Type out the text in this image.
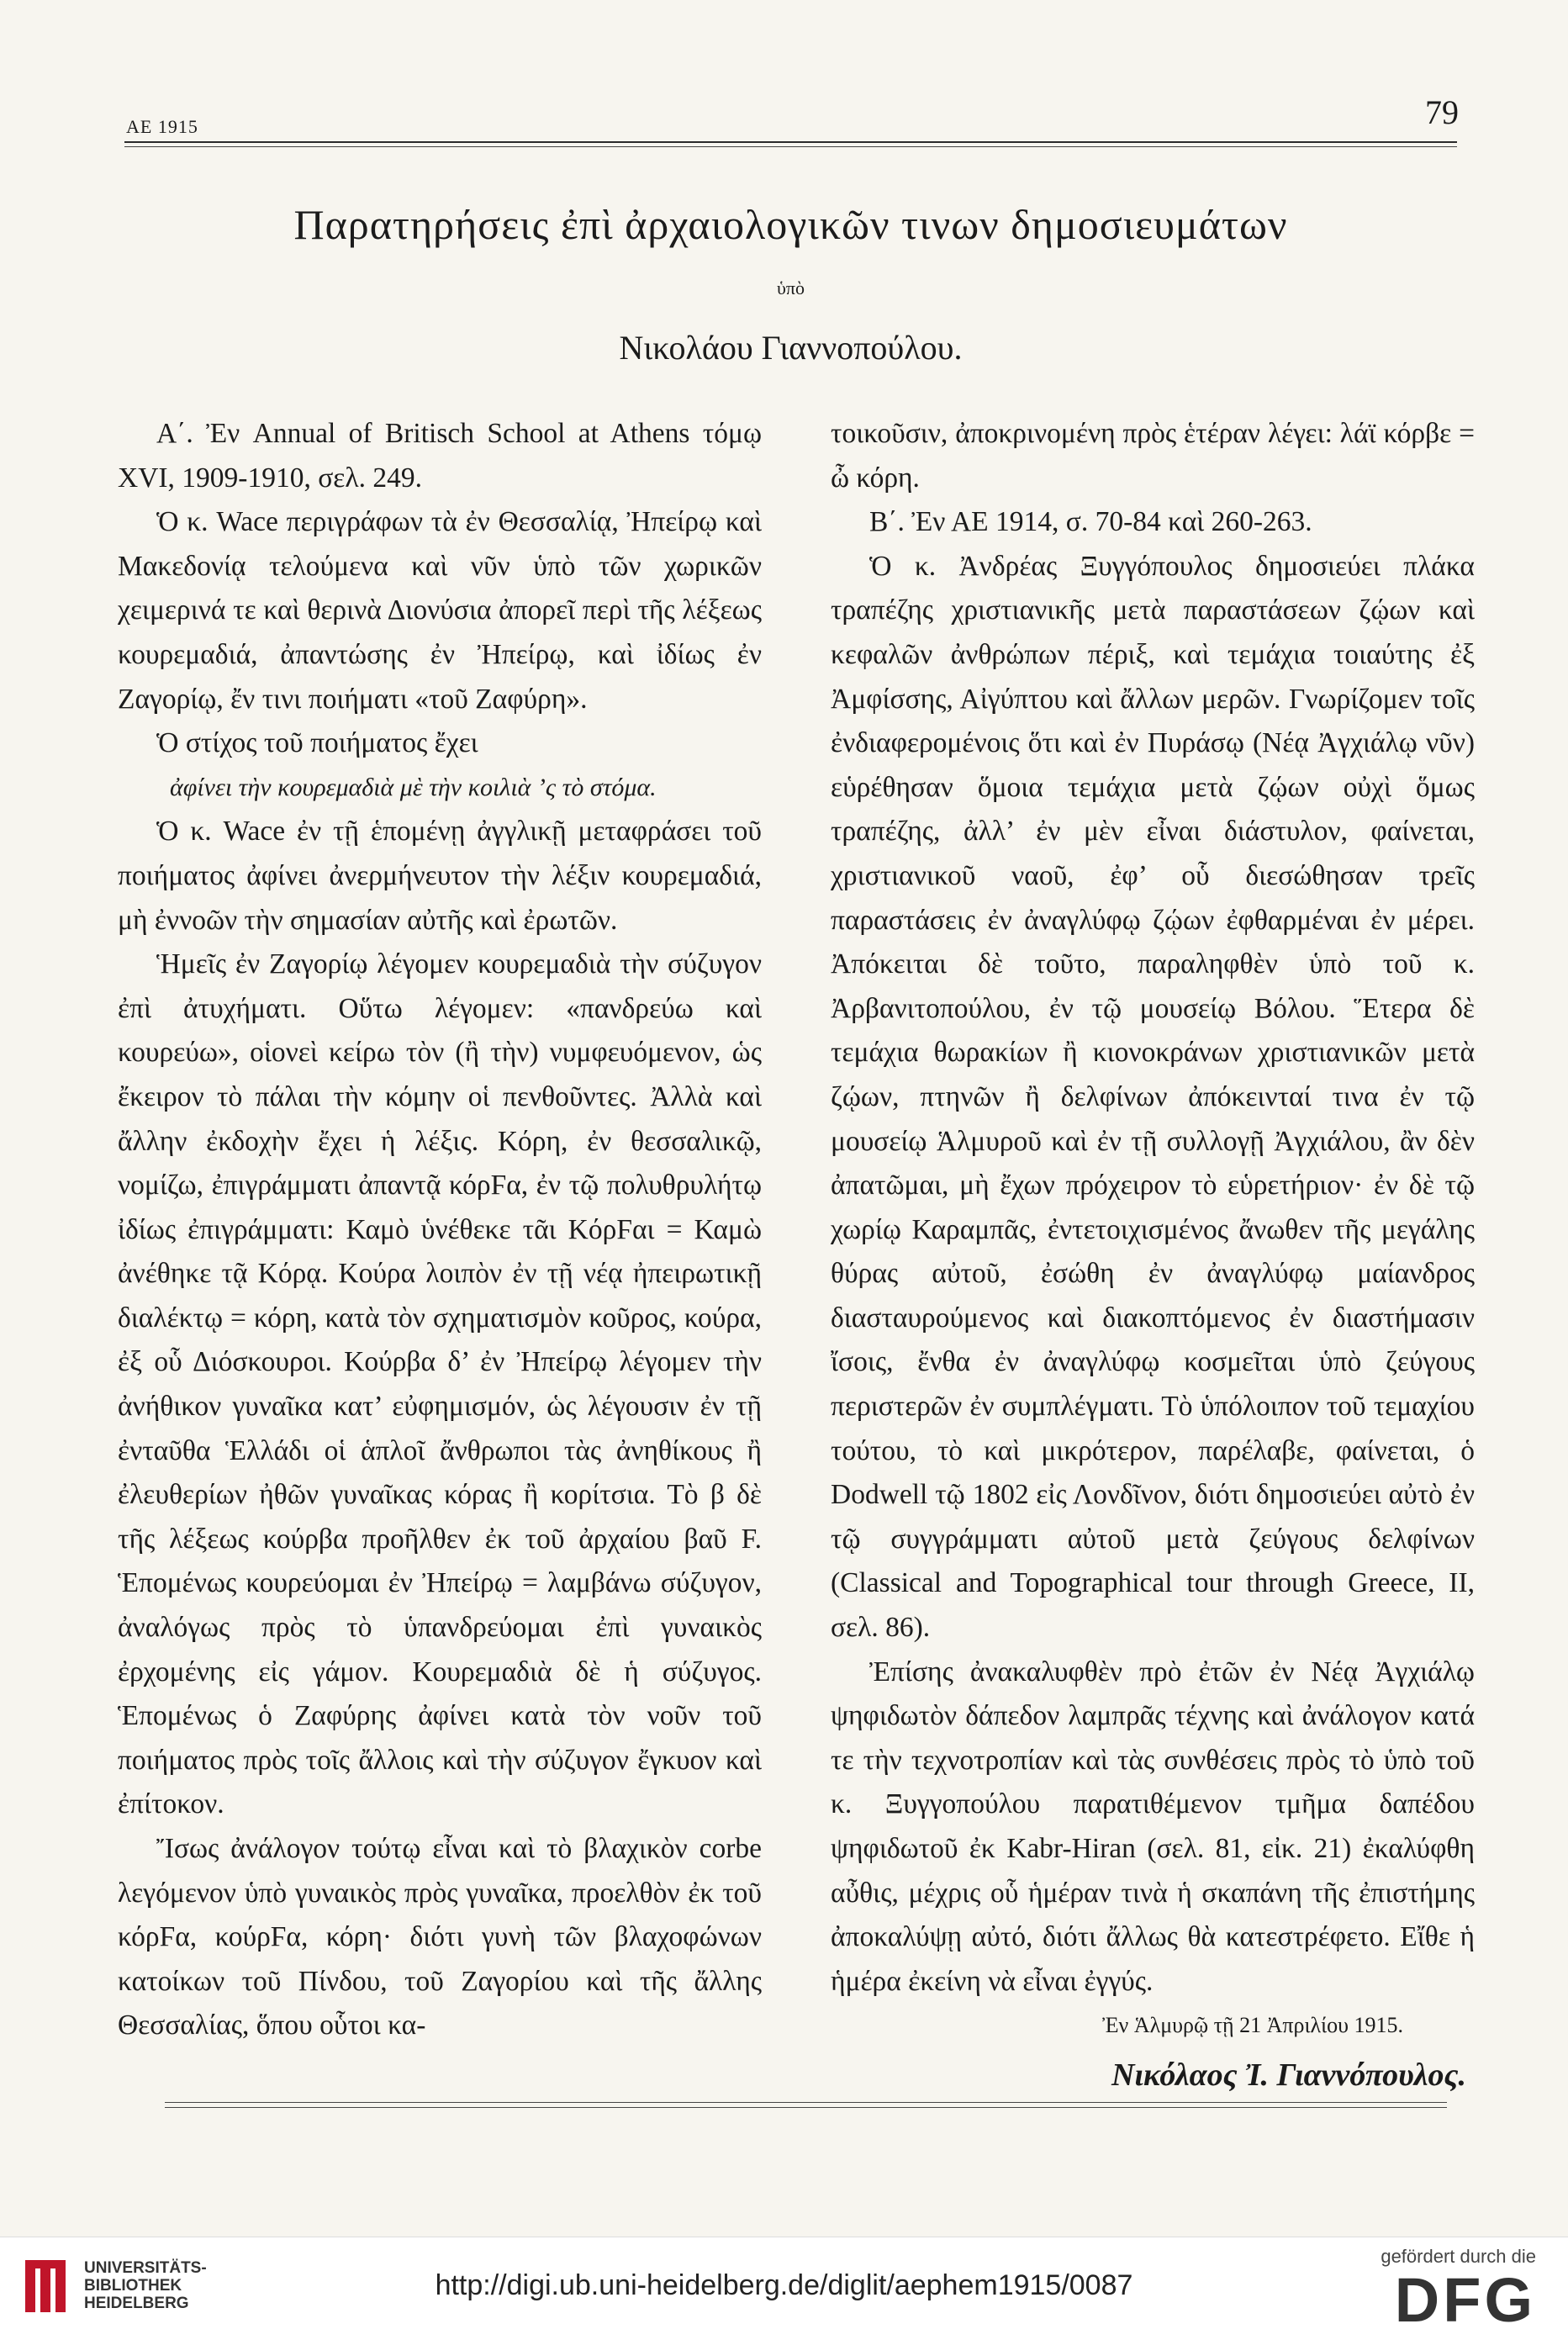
ΑΕ 1915	79
Παρατηρήσεις ἐπὶ ἀρχαιολογικῶν τινων δημοσιευμάτων
ὑπὸ
Νικολάου Γιαννοπούλου.

Α΄. Ἐν Annual of Britisch School at Athens τόμῳ XVI, 1909-1910, σελ. 249.

Ὁ κ. Wace περιγράφων τὰ ἐν Θεσσαλίᾳ, Ἠπείρῳ καὶ Μακεδονίᾳ τελούμενα καὶ νῦν ὑπὸ τῶν χωρικῶν χειμερινά τε καὶ θερινὰ Διονύσια ἀπορεῖ περὶ τῆς λέξεως κουρεμαδιά, ἀπαντώσης ἐν Ἠπείρῳ, καὶ ἰδίως ἐν Ζαγορίῳ, ἔν τινι ποιήματι «τοῦ Ζαφύρη».

Ὁ στίχος τοῦ ποιήματος ἔχει

ἀφίνει τὴν κουρεμαδιὰ μὲ τὴν κοιλιὰ ’ς τὸ στόμα.

Ὁ κ. Wace ἐν τῇ ἑπομένῃ ἀγγλικῇ μεταφράσει τοῦ ποιήματος ἀφίνει ἀνερμήνευτον τὴν λέξιν κουρεμαδιά, μὴ ἐννοῶν τὴν σημασίαν αὐτῆς καὶ ἐρωτῶν.

Ἡμεῖς ἐν Ζαγορίῳ λέγομεν κουρεμαδιὰ τὴν σύζυγον ἐπὶ ἀτυχήματι. Οὕτω λέγομεν: «πανδρεύω καὶ κουρεύω», οἱονεὶ κείρω τὸν (ἢ τὴν) νυμφευόμενον, ὡς ἔκειρον τὸ πάλαι τὴν κόμην οἱ πενθοῦντες. Ἀλλὰ καὶ ἄλλην ἐκδοχὴν ἔχει ἡ λέξις. Κόρη, ἐν θεσσαλικῷ, νομίζω, ἐπιγράμματι ἀπαντᾷ κόρϜα, ἐν τῷ πολυθρυλήτῳ ἰδίως ἐπιγράμματι: Καμὸ ὑνέθεκε τᾶι ΚόρϜαι = Καμὼ ἀνέθηκε τᾷ Κόρᾳ. Κούρα λοιπὸν ἐν τῇ νέᾳ ἠπειρωτικῇ διαλέκτῳ = κόρη, κατὰ τὸν σχηματισμὸν κοῦρος, κούρα, ἐξ οὗ Διόσκουροι. Κούρβα δ’ ἐν Ἠπείρῳ λέγομεν τὴν ἀνήθικον γυναῖκα κατ’ εὐφημισμόν, ὡς λέγουσιν ἐν τῇ ἐνταῦθα Ἑλλάδι οἱ ἁπλοῖ ἄνθρωποι τὰς ἀνηθίκους ἢ ἐλευθερίων ἠθῶν γυναῖκας κόρας ἢ κορίτσια. Τὸ β δὲ τῆς λέξεως κούρβα προῆλθεν ἐκ τοῦ ἀρχαίου βαῦ F. Ἑπομένως κουρεύομαι ἐν Ἠπείρῳ = λαμβάνω σύζυγον, ἀναλόγως πρὸς τὸ ὑπανδρεύομαι ἐπὶ γυναικὸς ἐρχομένης εἰς γάμον. Κουρεμαδιὰ δὲ ἡ σύζυγος. Ἑπομένως ὁ Ζαφύρης ἀφίνει κατὰ τὸν νοῦν τοῦ ποιήματος πρὸς τοῖς ἄλλοις καὶ τὴν σύζυγον ἔγκυον καὶ ἐπίτοκον.

Ἴσως ἀνάλογον τούτῳ εἶναι καὶ τὸ βλαχικὸν corbe λεγόμενον ὑπὸ γυναικὸς πρὸς γυναῖκα, προελθὸν ἐκ τοῦ κόρϜα, κούρϜα, κόρη· διότι γυνὴ τῶν βλαχοφώνων κατοίκων τοῦ Πίνδου, τοῦ Ζαγορίου καὶ τῆς ἄλλης Θεσσαλίας, ὅπου οὗτοι κα-

τοικοῦσιν, ἀποκρινομένη πρὸς ἑτέραν λέγει: λάϊ κόρβε = ὦ κόρη.

Β΄. Ἐν ΑΕ 1914, σ. 70-84 καὶ 260-263.

Ὁ κ. Ἀνδρέας Ξυγγόπουλος δημοσιεύει πλάκα τραπέζης χριστιανικῆς μετὰ παραστάσεων ζῴων καὶ κεφαλῶν ἀνθρώπων πέριξ, καὶ τεμάχια τοιαύτης ἐξ Ἀμφίσσης, Αἰγύπτου καὶ ἄλλων μερῶν. Γνωρίζομεν τοῖς ἐνδιαφερομένοις ὅτι καὶ ἐν Πυράσῳ (Νέᾳ Ἀγχιάλῳ νῦν) εὑρέθησαν ὅμοια τεμάχια μετὰ ζῴων οὐχὶ ὅμως τραπέζης, ἀλλ’ ἐν μὲν εἶναι διάστυλον, φαίνεται, χριστιανικοῦ ναοῦ, ἐφ’ οὗ διεσώθησαν τρεῖς παραστάσεις ἐν ἀναγλύφῳ ζῴων ἐφθαρμέναι ἐν μέρει. Ἀπόκειται δὲ τοῦτο, παραληφθὲν ὑπὸ τοῦ κ. Ἀρβανιτοπούλου, ἐν τῷ μουσείῳ Βόλου. Ἕτερα δὲ τεμάχια θωρακίων ἢ κιονοκράνων χριστιανικῶν μετὰ ζῴων, πτηνῶν ἢ δελφίνων ἀπόκεινταί τινα ἐν τῷ μουσείῳ Ἁλμυροῦ καὶ ἐν τῇ συλλογῇ Ἀγχιάλου, ἂν δὲν ἀπατῶμαι, μὴ ἔχων πρόχειρον τὸ εὑρετήριον· ἐν δὲ τῷ χωρίῳ Καραμπᾶς, ἐντετοιχισμένος ἄνωθεν τῆς μεγάλης θύρας αὐτοῦ, ἐσώθη ἐν ἀναγλύφῳ μαίανδρος διασταυρούμενος καὶ διακοπτόμενος ἐν διαστήμασιν ἴσοις, ἔνθα ἐν ἀναγλύφῳ κοσμεῖται ὑπὸ ζεύγους περιστερῶν ἐν συμπλέγματι. Τὸ ὑπόλοιπον τοῦ τεμαχίου τούτου, τὸ καὶ μικρότερον, παρέλαβε, φαίνεται, ὁ Dodwell τῷ 1802 εἰς Λονδῖνον, διότι δημοσιεύει αὐτὸ ἐν τῷ συγγράμματι αὐτοῦ μετὰ ζεύγους δελφίνων (Classical and Topographical tour through Greece, II, σελ. 86).

Ἐπίσης ἀνακαλυφθὲν πρὸ ἐτῶν ἐν Νέᾳ Ἀγχιάλῳ ψηφιδωτὸν δάπεδον λαμπρᾶς τέχνης καὶ ἀνάλογον κατά τε τὴν τεχνοτροπίαν καὶ τὰς συνθέσεις πρὸς τὸ ὑπὸ τοῦ κ. Ξυγγοπούλου παρατιθέμενον τμῆμα δαπέδου ψηφιδωτοῦ ἐκ Kabr-Hiran (σελ. 81, εἰκ. 21) ἐκαλύφθη αὖθις, μέχρις οὗ ἡμέραν τινὰ ἡ σκαπάνη τῆς ἐπιστήμης ἀποκαλύψῃ αὐτό, διότι ἄλλως θὰ κατεστρέφετο. Εἴθε ἡ ἡμέρα ἐκείνη νὰ εἶναι ἐγγύς.

Ἐν Ἁλμυρῷ τῇ 21 Ἀπριλίου 1915.

Νικόλαος Ἰ. Γιαννόπουλος.

UNIVERSITÄTS-
BIBLIOTHEK
HEIDELBERG
http://digi.ub.uni-heidelberg.de/diglit/aephem1915/0087
gefördert durch die
DFG
